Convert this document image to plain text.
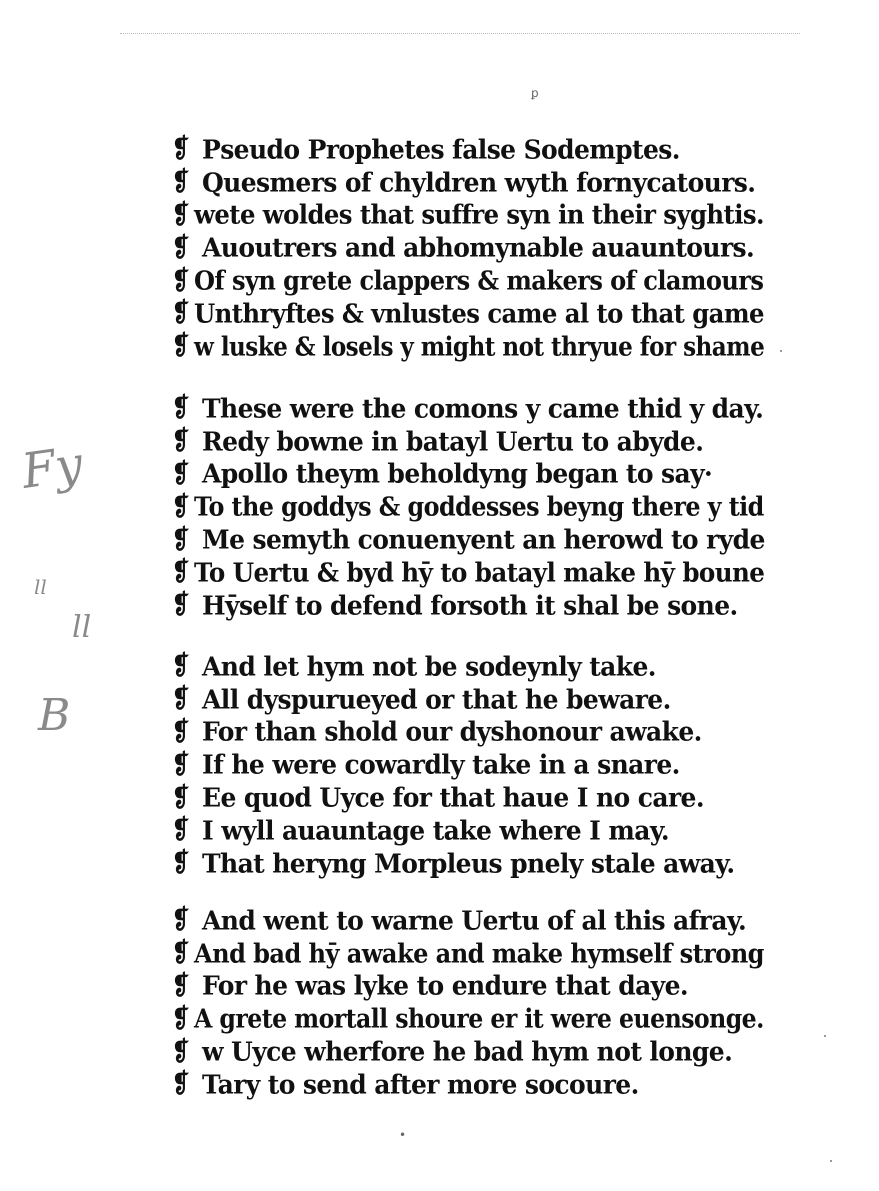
ꝑ
Fy
ll
ll
B
❡ Pseudo Prophetes false Sodemptes.
❡ Quesmers of chyldren wyth fornycatours.
❡ wete woldes that suffre syn in their syghtis.
❡ Auoutrers and abhomynable auauntours.
❡ Of syn grete clappers & makers of clamours
❡ Unthryftes & vnlustes came al to that game
❡ w luske & losels y might not thryue for shame
❡ These were the comons y came thid y day.
❡ Redy bowne in batayl Uertu to abyde.
❡ Apollo theym beholdyng began to say·
❡ To the goddys & goddesses beyng there y tid
❡ Me semyth conuenyent an herowd to ryde
❡ To Uertu & byd hȳ to batayl make hȳ boune
❡ Hȳself to defend forsoth it shal be sone.
❡ And let hym not be sodeynly take.
❡ All dyspurueyed or that he beware.
❡ For than shold our dyshonour awake.
❡ If he were cowardly take in a snare.
❡ Ee quod Uyce for that haue I no care.
❡ I wyll auauntage take where I may.
❡ That heryng Morpleus pnely stale away.
❡ And went to warne Uertu of al this afray.
❡ And bad hȳ awake and make hymself strong
❡ For he was lyke to endure that daye.
❡ A grete mortall shoure er it were euensonge.
❡ w Uyce wherfore he bad hym not longe.
❡ Tary to send after more socoure.
•
